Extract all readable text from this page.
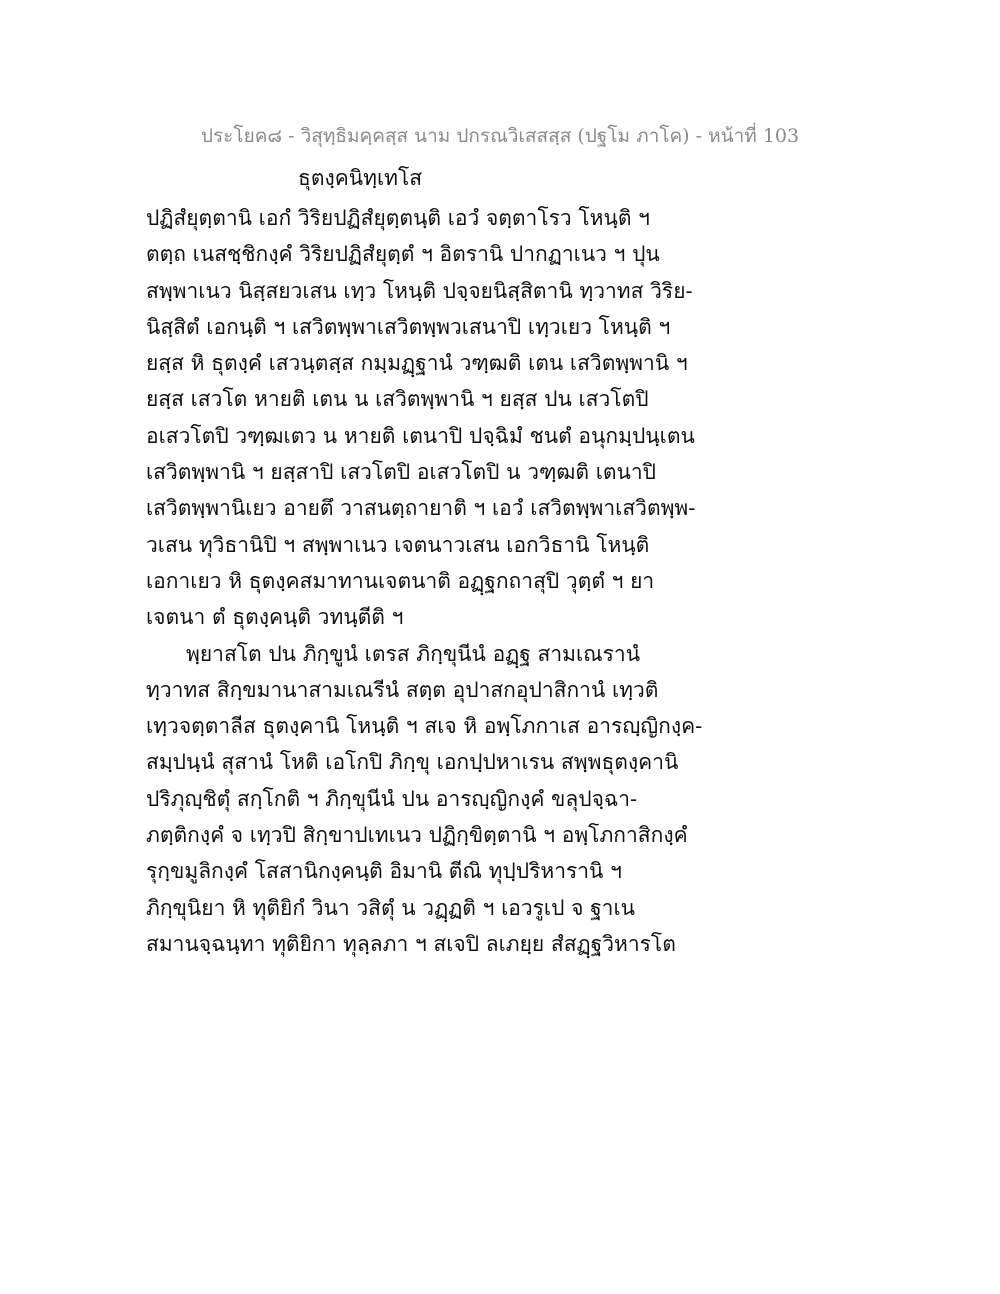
ประโยค๘ - วิสุทฺธิมคฺคสฺส นาม ปกรณวิเสสสฺส (ปฐโม ภาโค) - หน้าที่ 103
ธุตงฺคนิทฺเทโส
ปฏิสํยุตฺตานิ เอกํ วิริยปฏิสํยุตฺตนฺติ เอวํ จตฺตาโรว โหนฺติ ฯ
ตตฺถ เนสชฺชิกงฺคํ วิริยปฏิสํยุตฺตํ ฯ อิตรานิ ปากฏาเนว ฯ ปุน
สพฺพาเนว นิสฺสยวเสน เทฺว โหนฺติ ปจฺจยนิสฺสิตานิ ทฺวาทส วิริย-
นิสฺสิตํ เอกนฺติ ฯ เสวิตพฺพาเสวิตพฺพวเสนาปิ เทฺวเยว โหนฺติ ฯ
ยสฺส หิ ธุตงฺคํ เสวนฺตสฺส กมฺมฏฺฐานํ วฑฺฒติ เตน เสวิตพฺพานิ ฯ
ยสฺส เสวโต หายติ เตน น เสวิตพฺพานิ ฯ ยสฺส ปน เสวโตปิ
อเสวโตปิ วฑฺฒเตว น หายติ เตนาปิ ปจฺฉิมํ ชนตํ อนุกมฺปนฺเตน
เสวิตพฺพานิ ฯ ยสฺสาปิ เสวโตปิ อเสวโตปิ น วฑฺฒติ เตนาปิ
เสวิตพฺพานิเยว อายตึ วาสนตฺถายาติ ฯ เอวํ เสวิตพฺพาเสวิตพฺพ-
วเสน ทุวิธานิปิ ฯ สพฺพาเนว เจตนาวเสน เอกวิธานิ โหนฺติ
เอกาเยว หิ ธุตงฺคสมาทานเจตนาติ อฏฺฐกถาสุปิ วุตฺตํ ฯ ยา
เจตนา ตํ ธุตงฺคนฺติ วทนฺตีติ ฯ
พฺยาสโต ปน ภิกฺขูนํ เตรส ภิกฺขุนีนํ อฏฺฐ สามเณรานํ
ทฺวาทส สิกฺขมานาสามเณรีนํ สตฺต อุปาสกอุปาสิกานํ เทฺวติ
เทฺวจตฺตาลีส ธุตงฺคานิ โหนฺติ ฯ สเจ หิ อพฺโภกาเส อารญฺญิกงฺค-
สมฺปนฺนํ สุสานํ โหติ เอโกปิ ภิกฺขุ เอกปฺปหาเรน สพฺพธุตงฺคานิ
ปริภุญฺชิตุํ สกฺโกติ ฯ ภิกฺขุนีนํ ปน อารญฺญิกงฺคํ ขลุปจฺฉา-
ภตฺติกงฺคํ จ เทฺวปิ สิกฺขาปเทเนว ปฏิกฺขิตฺตานิ ฯ อพฺโภกาสิกงฺคํ
รุกฺขมูลิกงฺคํ โสสานิกงฺคนฺติ อิมานิ ตีณิ ทุปฺปริหารานิ ฯ
ภิกฺขุนิยา หิ ทุติยิกํ วินา วสิตุํ น วฏฺฏติ ฯ เอวรูเป จ ฐาเน
สมานจฺฉนฺทา ทุติยิกา ทุลฺลภา ฯ สเจปิ ลเภยฺย สํสฏฺฐวิหารโต
